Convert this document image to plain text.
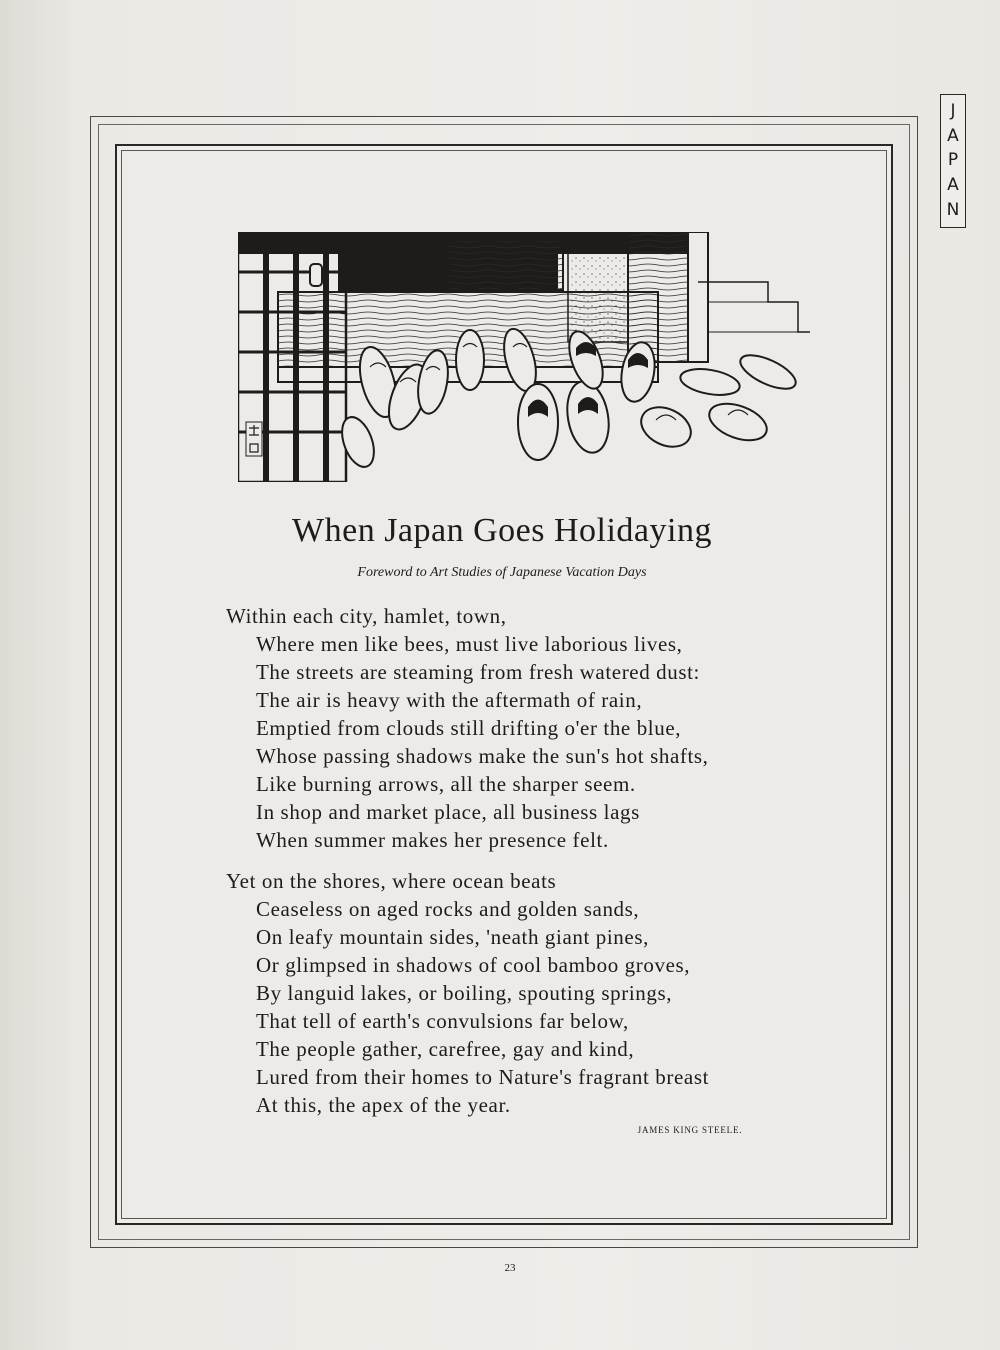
J
A
P
A
N
When Japan Goes Holidaying
Foreword to Art Studies of Japanese Vacation Days
Within each city, hamlet, town,
Where men like bees, must live laborious lives,
The streets are steaming from fresh watered dust:
The air is heavy with the aftermath of rain,
Emptied from clouds still drifting o'er the blue,
Whose passing shadows make the sun's hot shafts,
Like burning arrows, all the sharper seem.
In shop and market place, all business lags
When summer makes her presence felt.
Yet on the shores, where ocean beats
Ceaseless on aged rocks and golden sands,
On leafy mountain sides, 'neath giant pines,
Or glimpsed in shadows of cool bamboo groves,
By languid lakes, or boiling, spouting springs,
That tell of earth's convulsions far below,
The people gather, carefree, gay and kind,
Lured from their homes to Nature's fragrant breast
At this, the apex of the year.
JAMES KING STEELE.
23
